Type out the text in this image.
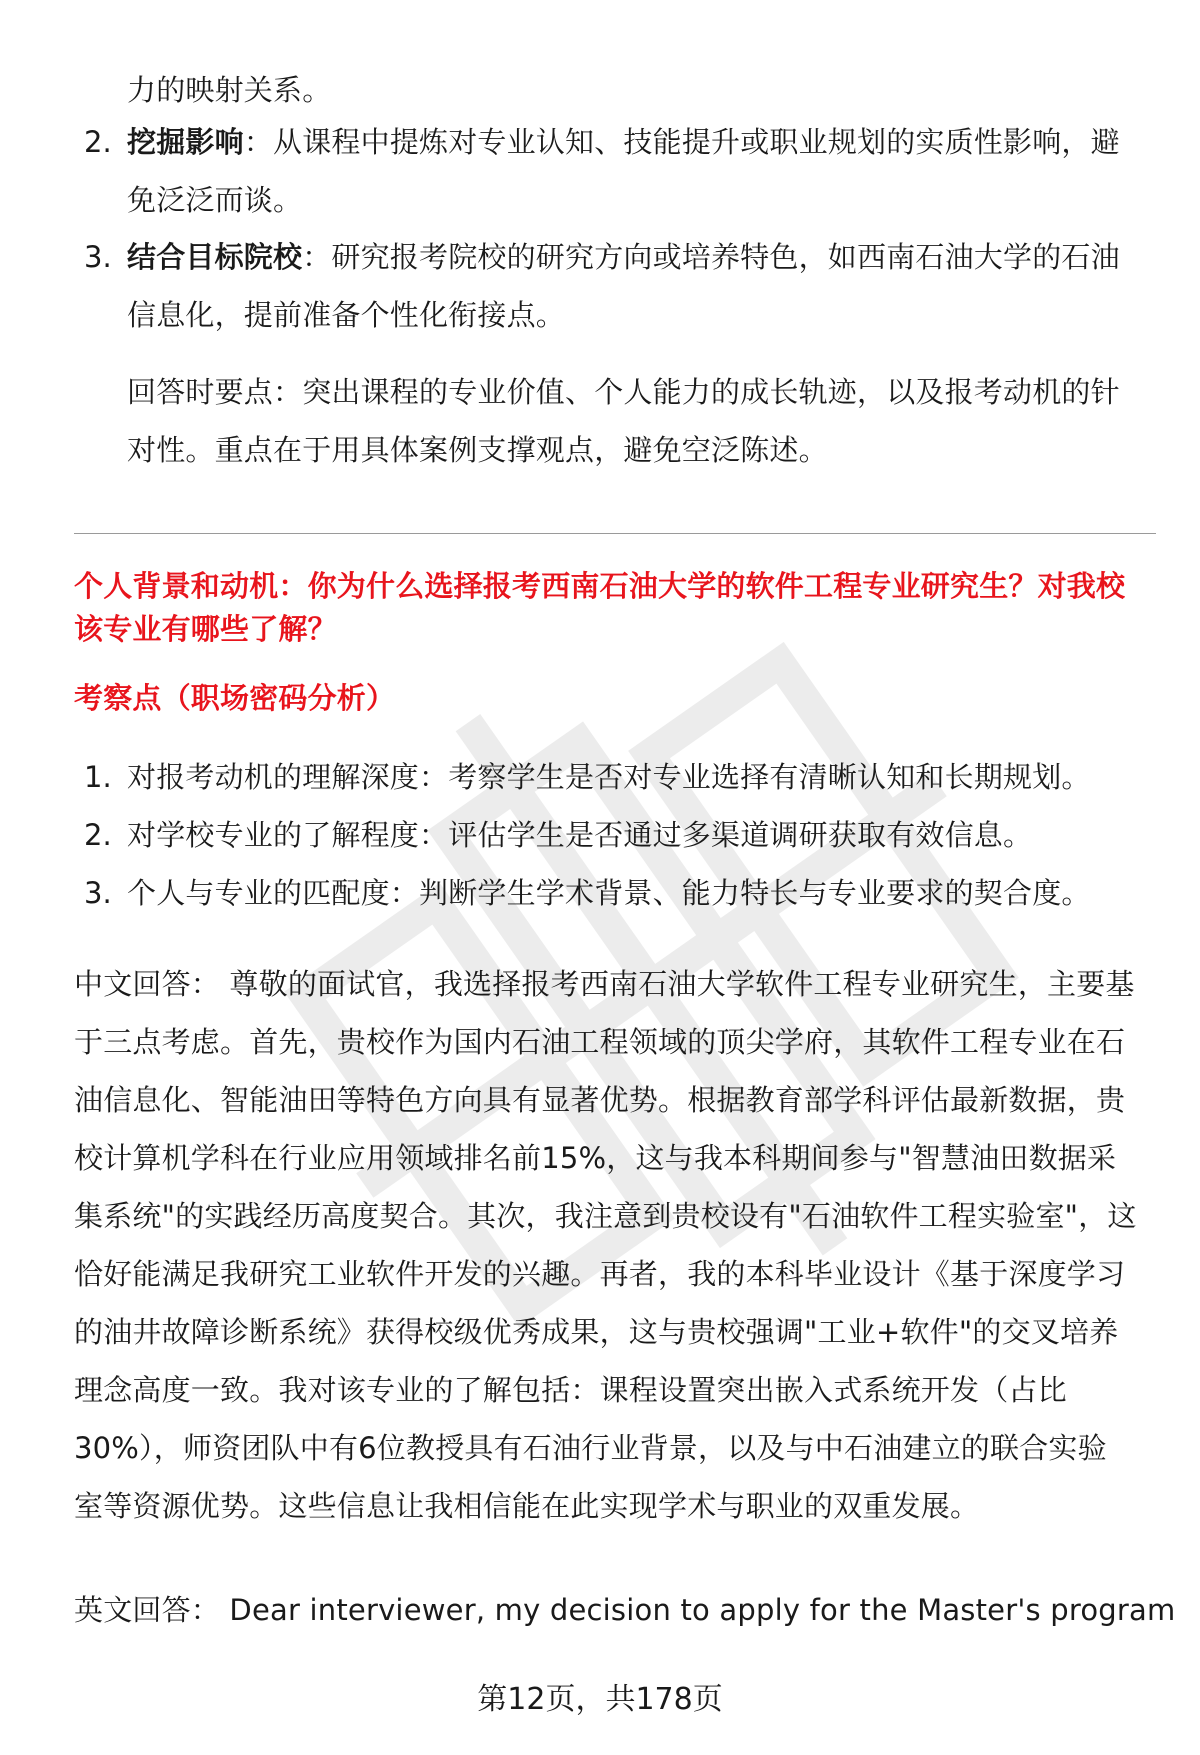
力的映射关系。
2. 挖掘影响：从课程中提炼对专业认知、技能提升或职业规划的实质性影响，避
免泛泛而谈。
3. 结合目标院校：研究报考院校的研究方向或培养特色，如西南石油大学的石油
信息化，提前准备个性化衔接点。
回答时要点：突出课程的专业价值、个人能力的成长轨迹，以及报考动机的针
对性。重点在于用具体案例支撑观点，避免空泛陈述。
个人背景和动机：你为什么选择报考西南石油大学的软件工程专业研究生？对我校
该专业有哪些了解？
考察点（职场密码分析）
1. 对报考动机的理解深度：考察学生是否对专业选择有清晰认知和长期规划。
2. 对学校专业的了解程度：评估学生是否通过多渠道调研获取有效信息。
3. 个人与专业的匹配度：判断学生学术背景、能力特长与专业要求的契合度。
中文回答： 尊敬的面试官，我选择报考西南石油大学软件工程专业研究生，主要基
于三点考虑。首先，贵校作为国内石油工程领域的顶尖学府，其软件工程专业在石
油信息化、智能油田等特色方向具有显著优势。根据教育部学科评估最新数据，贵
校计算机学科在行业应用领域排名前15%，这与我本科期间参与"智慧油田数据采
集系统"的实践经历高度契合。其次，我注意到贵校设有"石油软件工程实验室"，这
恰好能满足我研究工业软件开发的兴趣。再者，我的本科毕业设计《基于深度学习
的油井故障诊断系统》获得校级优秀成果，这与贵校强调"工业+软件"的交叉培养
理念高度一致。我对该专业的了解包括：课程设置突出嵌入式系统开发（占比
30%），师资团队中有6位教授具有石油行业背景，以及与中石油建立的联合实验
室等资源优势。这些信息让我相信能在此实现学术与职业的双重发展。
英文回答： Dear interviewer, my decision to apply for the Master's program
第12页，共178页
